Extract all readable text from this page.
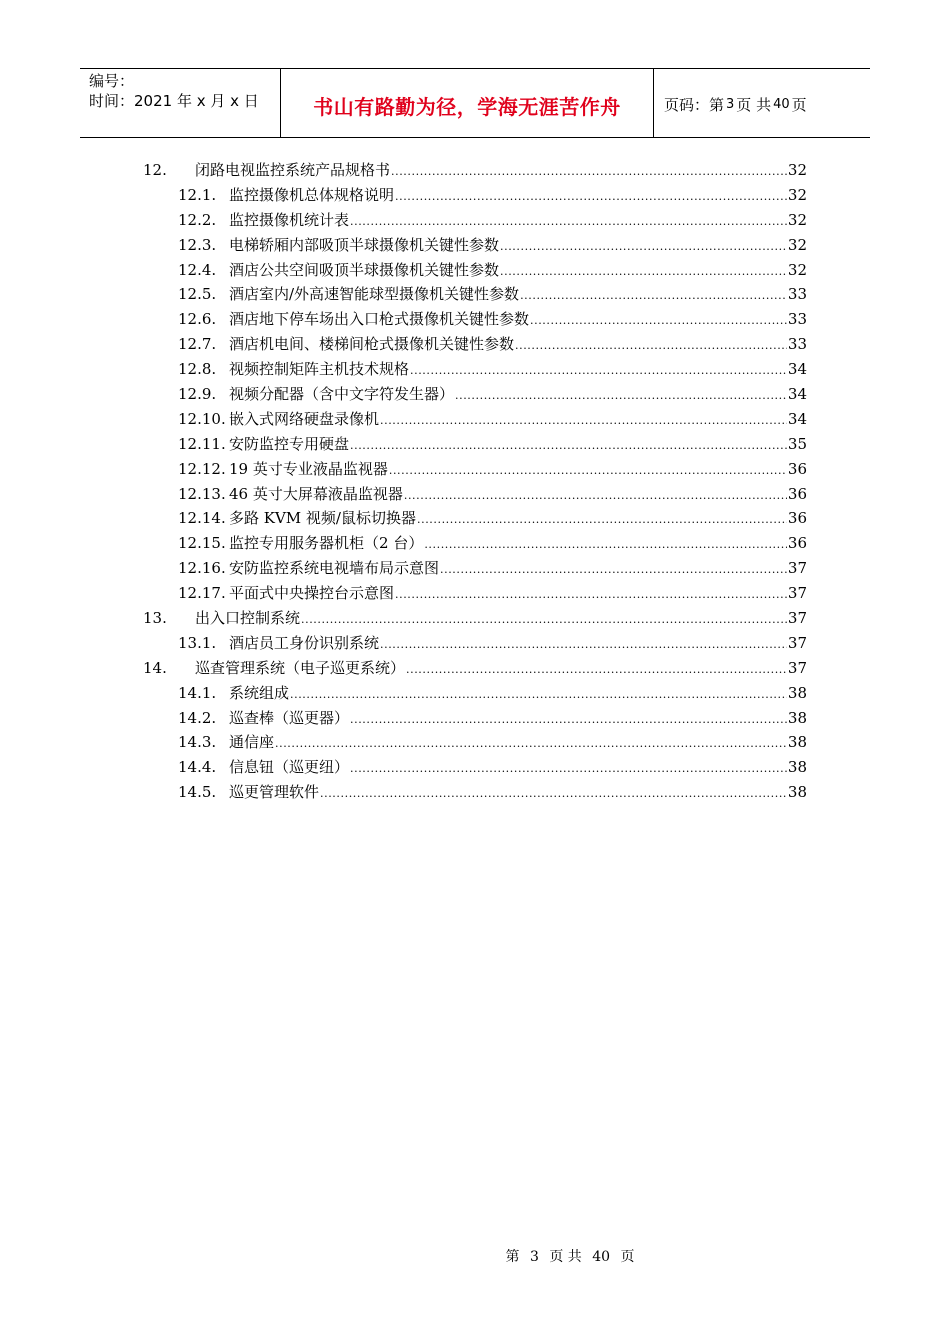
编号：
时间：2021 年 x 月 x 日	书山有路勤为径，学海无涯苦作舟	页码：第 3 页 共 40 页
12.	闭路电视监控系统产品规格书 .....	32
12.1. 监控摄像机总体规格说明 .....	32
12.2. 监控摄像机统计表 .....	32
12.3. 电梯轿厢内部吸顶半球摄像机关键性参数 .....	32
12.4. 酒店公共空间吸顶半球摄像机关键性参数 .....	32
12.5. 酒店室内/外高速智能球型摄像机关键性参数 .....	33
12.6. 酒店地下停车场出入口枪式摄像机关键性参数 .....	33
12.7. 酒店机电间、楼梯间枪式摄像机关键性参数 .....	33
12.8. 视频控制矩阵主机技术规格 .....	34
12.9. 视频分配器（含中文字符发生器） .....	34
12.10. 嵌入式网络硬盘录像机 .....	34
12.11. 安防监控专用硬盘 .....	35
12.12. 19 英寸专业液晶监视器 .....	36
12.13. 46 英寸大屏幕液晶监视器 .....	36
12.14. 多路 KVM 视频/鼠标切换器 .....	36
12.15. 监控专用服务器机柜（2 台） .....	36
12.16. 安防监控系统电视墙布局示意图 .....	37
12.17. 平面式中央操控台示意图 .....	37
13.	出入口控制系统 .....	37
13.1. 酒店员工身份识别系统 .....	37
14.	巡查管理系统（电子巡更系统） .....	37
14.1. 系统组成 .....	38
14.2. 巡查棒（巡更器） .....	38
14.3. 通信座 .....	38
14.4. 信息钮（巡更纽） .....	38
14.5. 巡更管理软件 .....	38
第 3 页 共 40 页
